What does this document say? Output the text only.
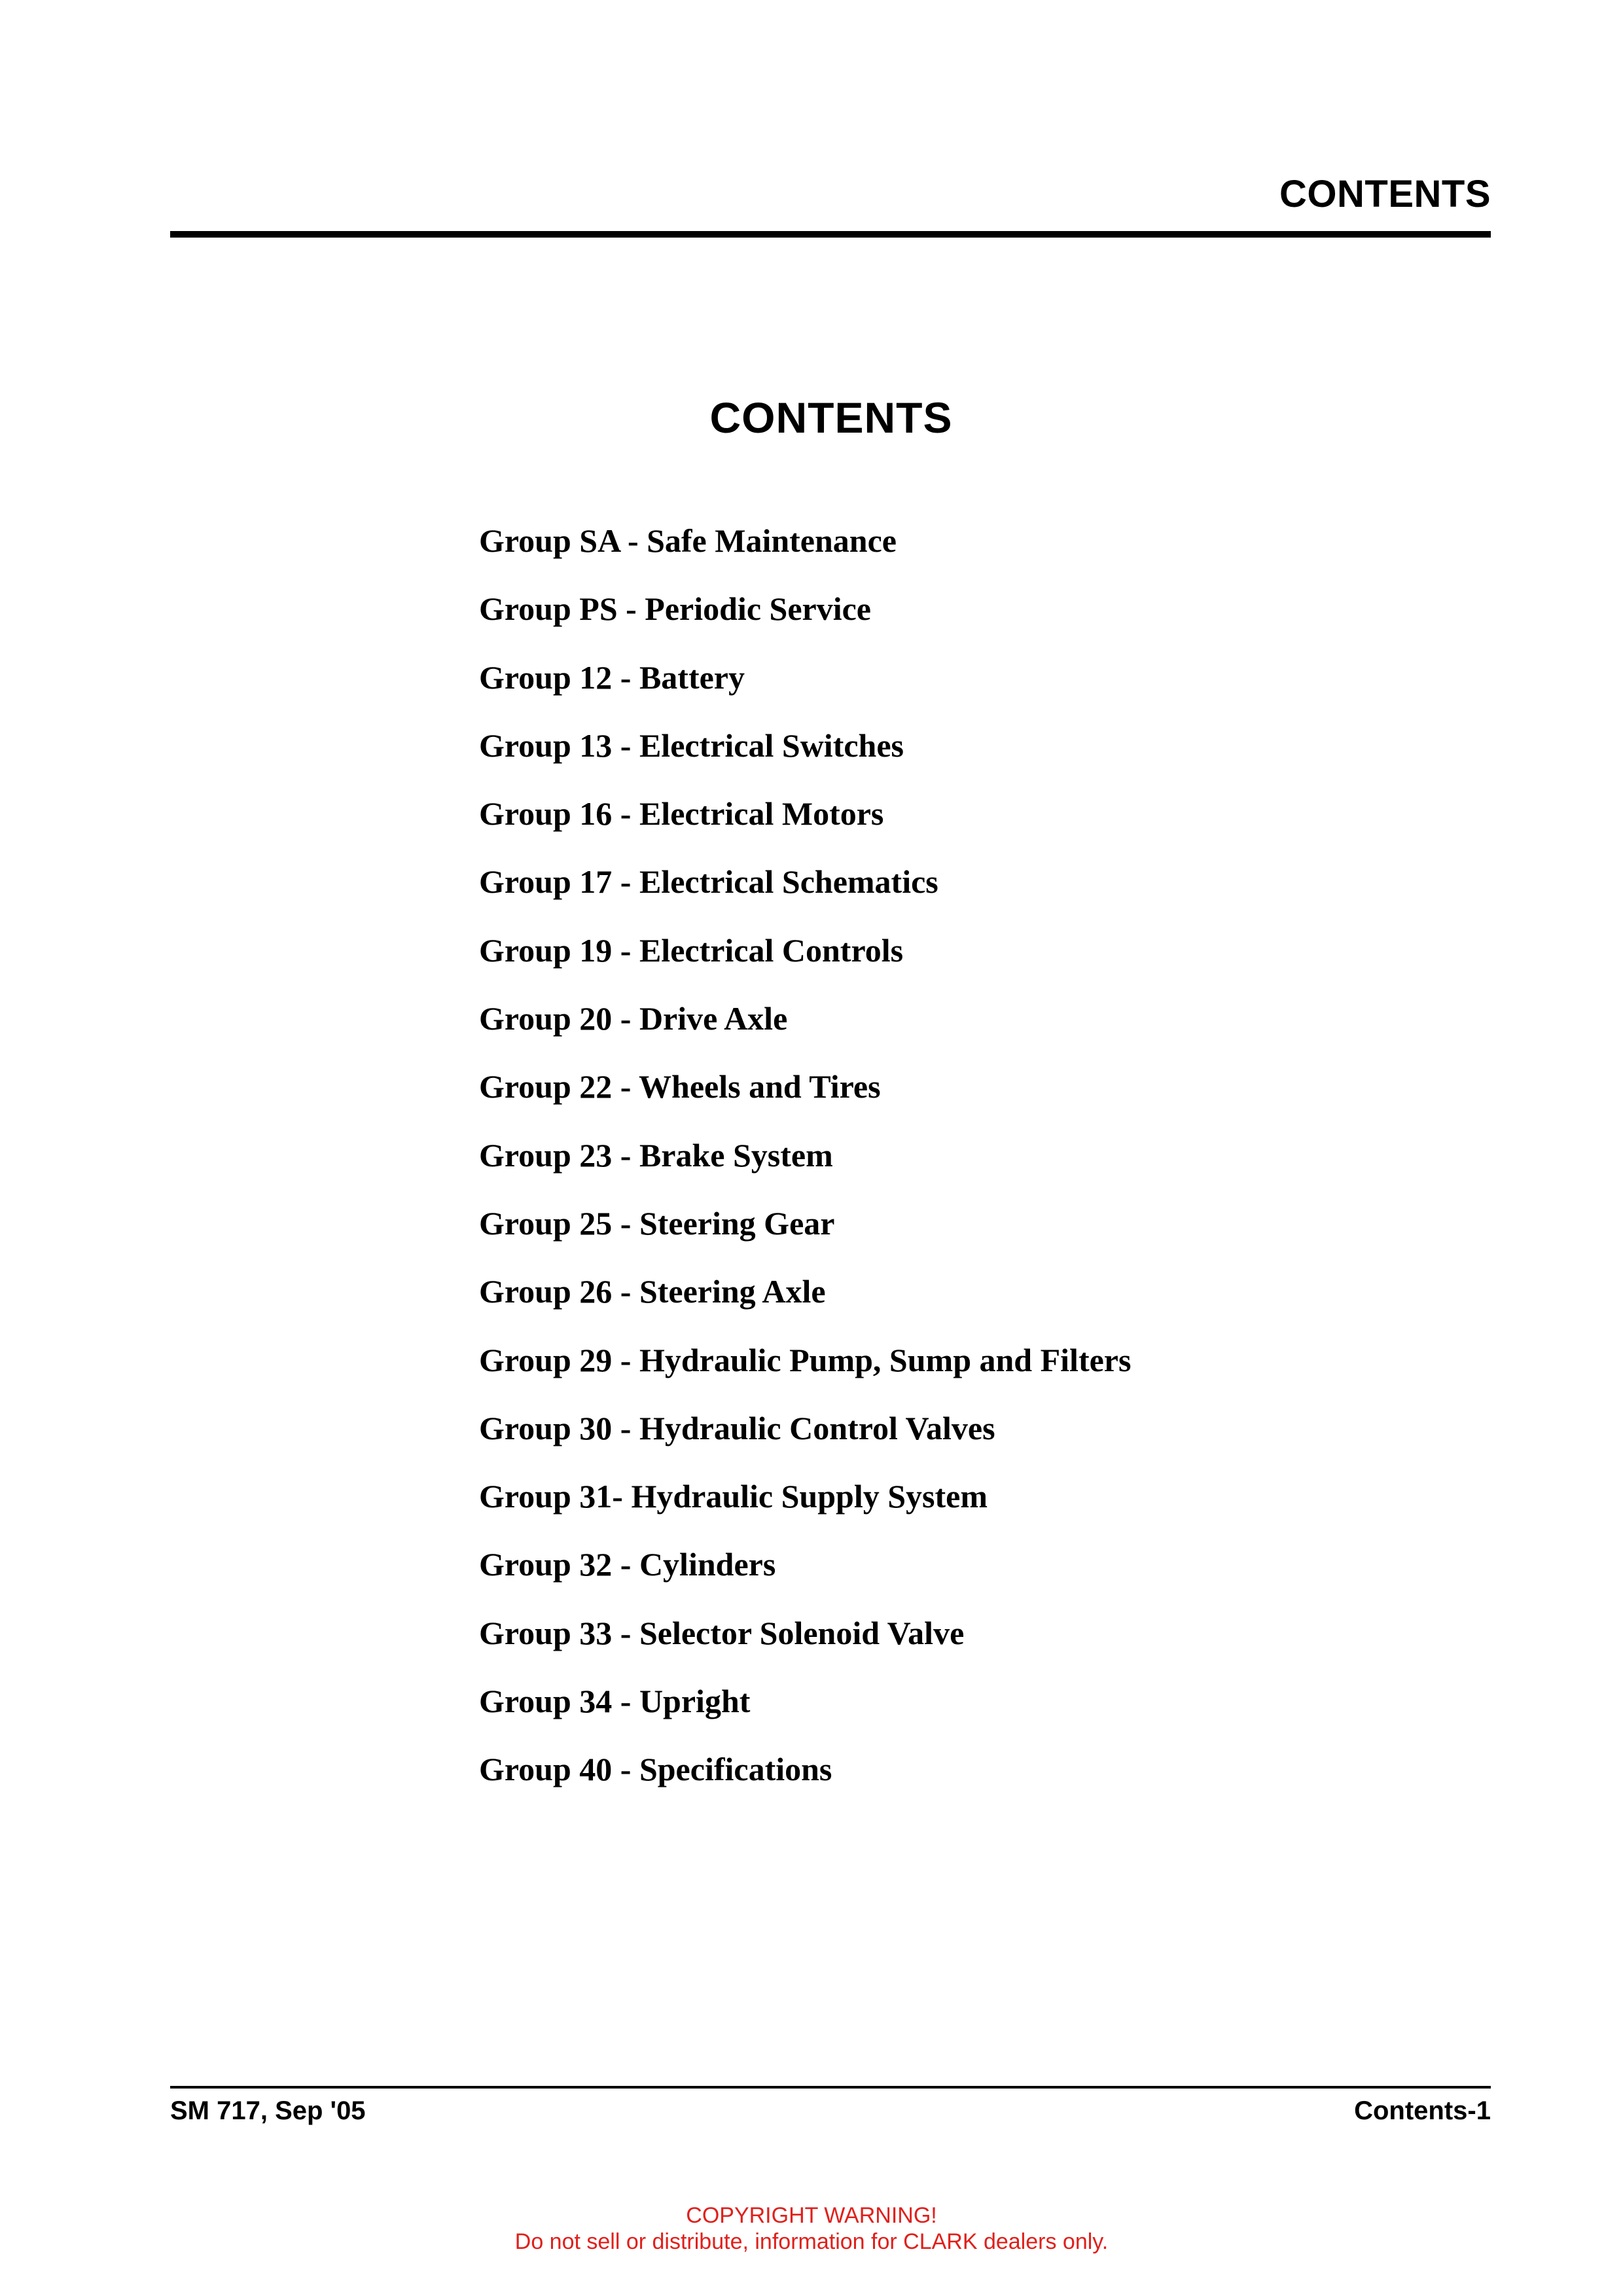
CONTENTS
CONTENTS
Group SA - Safe Maintenance
Group PS - Periodic Service
Group 12 - Battery
Group 13 - Electrical Switches
Group 16 - Electrical Motors
Group 17 - Electrical Schematics
Group 19 - Electrical Controls
Group 20 - Drive Axle
Group 22 - Wheels and Tires
Group 23 - Brake System
Group 25 - Steering Gear
Group 26 - Steering Axle
Group 29 - Hydraulic Pump, Sump and Filters
Group 30 - Hydraulic Control Valves
Group 31- Hydraulic Supply System
Group 32 - Cylinders
Group 33 - Selector Solenoid Valve
Group 34 - Upright
Group 40 - Specifications
SM 717, Sep '05	Contents-1
COPYRIGHT WARNING!
Do not sell or distribute, information for CLARK dealers only.
